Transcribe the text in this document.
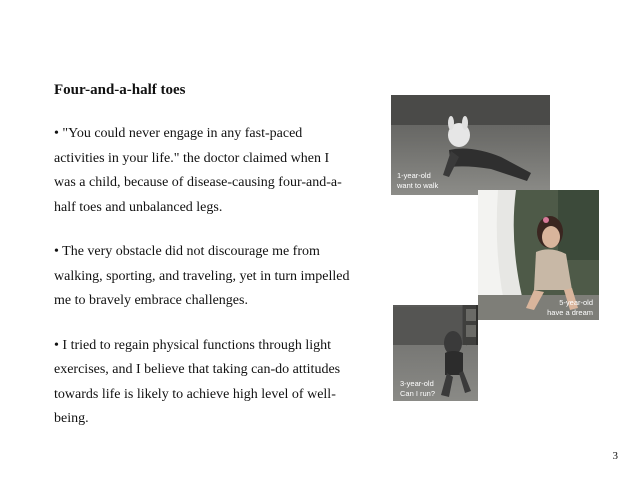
Four-and-a-half toes

• "You could never engage in any fast-paced activities in your life." the doctor claimed when I was a child, because of disease-causing four-and-a-half toes and unbalanced legs.

• The very obstacle did not discourage me from walking, sporting, and traveling, yet in turn impelled me to bravely embrace challenges.

• I tried to regain physical functions through light exercises, and I believe that taking can-do attitudes towards life is likely to achieve high level of well-being.

1-year-old
want to walk
5-year-old
have a dream
3-year-old
Can I run?
3
